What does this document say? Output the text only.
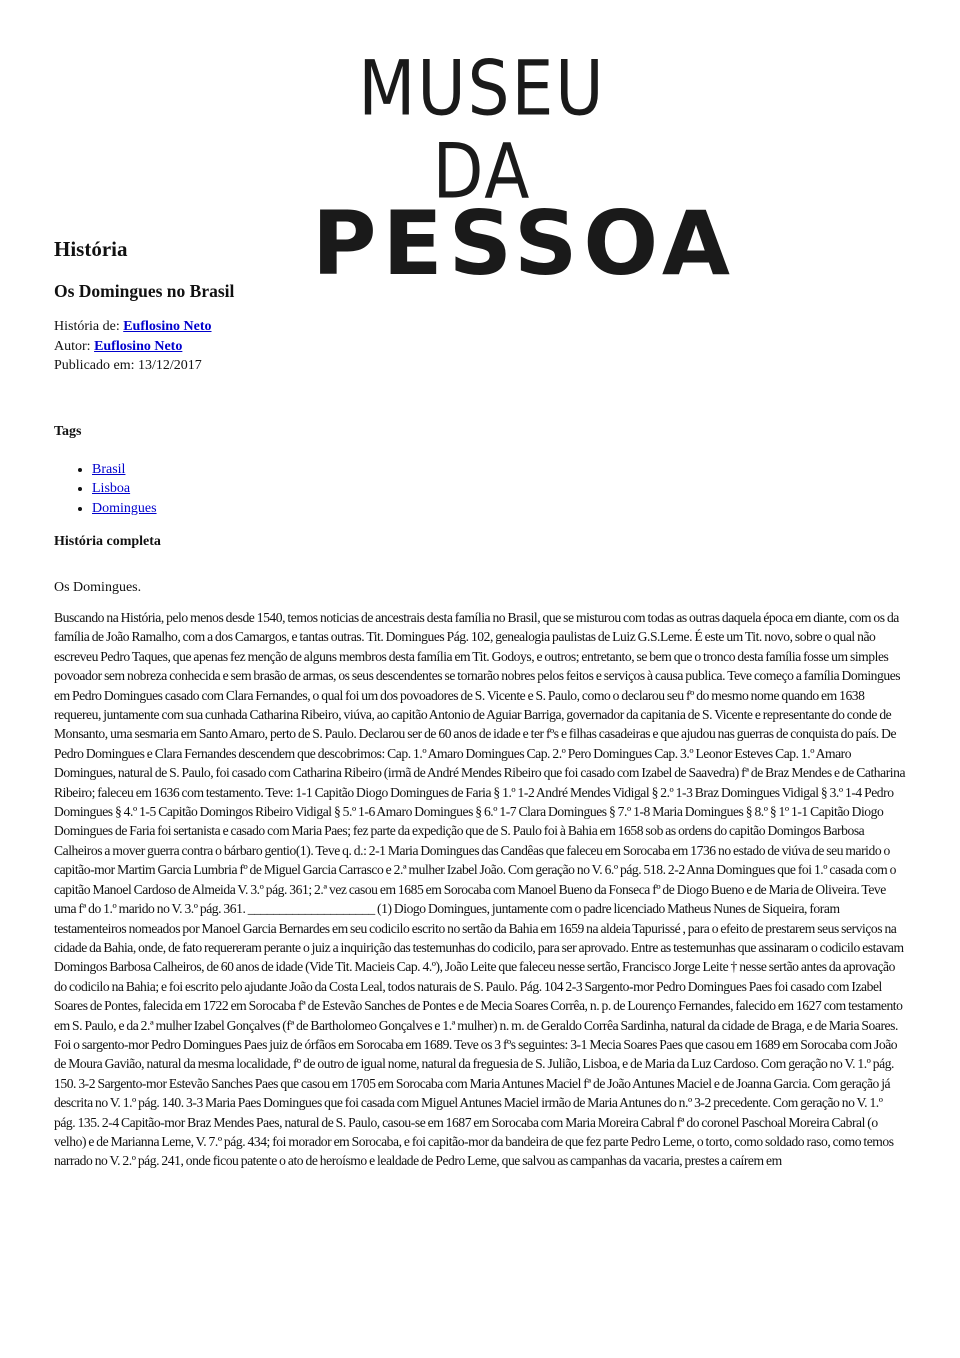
MUSEU DA
PESSOA
História
Os Domingues no Brasil
História de: Euflosino Neto
Autor: Euflosino Neto
Publicado em: 13/12/2017
Tags
• Brasil
• Lisboa
• Domingues
História completa

Os Domingues.

Buscando na História, pelo menos desde 1540, temos noticias de ancestrais desta família no Brasil, que se misturou com todas as outras daquela época em diante, com os da família de João Ramalho, com a dos Camargos, e tantas outras. Tit. Domingues Pág. 102, genealogia paulistas de Luiz G.S.Leme. É este um Tit. novo, sobre o qual não escreveu Pedro Taques, que apenas fez menção de alguns membros desta família em Tit. Godoys, e outros; entretanto, se bem que o tronco desta família fosse um simples povoador sem nobreza conhecida e sem brasão de armas, os seus descendentes se tornarão nobres pelos feitos e serviços à causa publica. Teve começo a família Domingues em Pedro Domingues casado com Clara Fernandes, o qual foi um dos povoadores de S. Vicente e S. Paulo, como o declarou seu fº do mesmo nome quando em 1638 requereu, juntamente com sua cunhada Catharina Ribeiro, viúva, ao capitão Antonio de Aguiar Barriga, governador da capitania de S. Vicente e representante do conde de Monsanto, uma sesmaria em Santo Amaro, perto de S. Paulo. Declarou ser de 60 anos de idade e ter fºs e filhas casadeiras e que ajudou nas guerras de conquista do país. De Pedro Domingues e Clara Fernandes descendem que descobrimos: Cap. 1.º Amaro Domingues Cap. 2.º Pero Domingues Cap. 3.º Leonor Esteves Cap. 1.º Amaro Domingues, natural de S. Paulo, foi casado com Catharina Ribeiro (irmã de André Mendes Ribeiro que foi casado com Izabel de Saavedra) fª de Braz Mendes e de Catharina Ribeiro; faleceu em 1636 com testamento. Teve: 1-1 Capitão Diogo Domingues de Faria § 1.º 1-2 André Mendes Vidigal § 2.º 1-3 Braz Domingues Vidigal § 3.º 1-4 Pedro Domingues § 4.º 1-5 Capitão Domingos Ribeiro Vidigal § 5.º 1-6 Amaro Domingues § 6.º 1-7 Clara Domingues § 7.º 1-8 Maria Domingues § 8.º § 1º 1-1 Capitão Diogo Domingues de Faria foi sertanista e casado com Maria Paes; fez parte da expedição que de S. Paulo foi à Bahia em 1658 sob as ordens do capitão Domingos Barbosa Calheiros a mover guerra contra o bárbaro gentio(1). Teve q. d.: 2-1 Maria Domingues das Candêas que faleceu em Sorocaba em 1736 no estado de viúva de seu marido o capitão-mor Martim Garcia Lumbria fº de Miguel Garcia Carrasco e 2.ª mulher Izabel João. Com geração no V. 6.º pág. 518. 2-2 Anna Domingues que foi 1.º casada com o capitão Manoel Cardoso de Almeida V. 3.º pág. 361; 2.ª vez casou em 1685 em Sorocaba com Manoel Bueno da Fonseca fº de Diogo Bueno e de Maria de Oliveira. Teve uma fª do 1.º marido no V. 3.º pág. 361. ____________________ (1) Diogo Domingues, juntamente com o padre licenciado Matheus Nunes de Siqueira, foram testamenteiros nomeados por Manoel Garcia Bernardes em seu codicilo escrito no sertão da Bahia em 1659 na aldeia Tapurissé , para o efeito de prestarem seus serviços na cidade da Bahia, onde, de fato requereram perante o juiz a inquirição das testemunhas do codicilo, para ser aprovado. Entre as testemunhas que assinaram o codicilo estavam Domingos Barbosa Calheiros, de 60 anos de idade (Vide Tit. Macieis Cap. 4.º), João Leite que faleceu nesse sertão, Francisco Jorge Leite † nesse sertão antes da aprovação do codicilo na Bahia; e foi escrito pelo ajudante João da Costa Leal, todos naturais de S. Paulo. Pág. 104 2-3 Sargento-mor Pedro Domingues Paes foi casado com Izabel Soares de Pontes, falecida em 1722 em Sorocaba fª de Estevão Sanches de Pontes e de Mecia Soares Corrêa, n. p. de Lourenço Fernandes, falecido em 1627 com testamento em S. Paulo, e da 2.ª mulher Izabel Gonçalves (fª de Bartholomeo Gonçalves e 1.ª mulher) n. m. de Geraldo Corrêa Sardinha, natural da cidade de Braga, e de Maria Soares. Foi o sargento-mor Pedro Domingues Paes juiz de órfãos em Sorocaba em 1689. Teve os 3 fºs seguintes: 3-1 Mecia Soares Paes que casou em 1689 em Sorocaba com João de Moura Gavião, natural da mesma localidade, fº de outro de igual nome, natural da freguesia de S. Julião, Lisboa, e de Maria da Luz Cardoso. Com geração no V. 1.º pág. 150. 3-2 Sargento-mor Estevão Sanches Paes que casou em 1705 em Sorocaba com Maria Antunes Maciel fª de João Antunes Maciel e de Joanna Garcia. Com geração já descrita no V. 1.º pág. 140. 3-3 Maria Paes Domingues que foi casada com Miguel Antunes Maciel irmão de Maria Antunes do n.º 3-2 precedente. Com geração no V. 1.º pág. 135. 2-4 Capitão-mor Braz Mendes Paes, natural de S. Paulo, casou-se em 1687 em Sorocaba com Maria Moreira Cabral fª do coronel Paschoal Moreira Cabral (o velho) e de Marianna Leme, V. 7.º pág. 434; foi morador em Sorocaba, e foi capitão-mor da bandeira de que fez parte Pedro Leme, o torto, como soldado raso, como temos narrado no V. 2.º pág. 241, onde ficou patente o ato de heroísmo e lealdade de Pedro Leme, que salvou as campanhas da vacaria, prestes a caírem em
